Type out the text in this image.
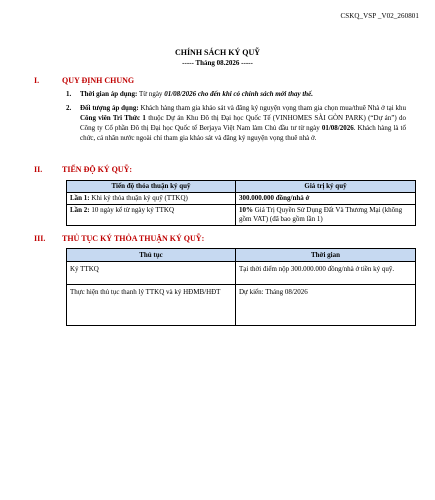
CSKQ_VSP _V02_260801
CHÍNH SÁCH KÝ QUỸ
----- Tháng 08.2026 -----
I.	QUY ĐỊNH CHUNG
1.	Thời gian áp dụng: Từ ngày 01/08/2026 cho đến khi có chính sách mới thay thế.
2.	Đối tượng áp dụng: Khách hàng tham gia khảo sát và đăng ký nguyện vọng tham gia chọn mua/thuê Nhà ở tại khu Công viên Tri Thức 1 thuộc Dự án Khu Đô thị Đại học Quốc Tế (VINHOMES SÀI GÒN PARK) (“Dự án”) do Công ty Cổ phần Đô thị Đại học Quốc tế Berjaya Việt Nam làm Chủ đầu tư từ ngày 01/08/2026. Khách hàng là tổ chức, cá nhân nước ngoài chỉ tham gia khảo sát và đăng ký nguyện vọng thuê nhà ở.
II.	TIẾN ĐỘ KÝ QUỸ:
Tiến độ thỏa thuận ký quỹ	Giá trị ký quỹ
Lần 1: Khi ký thỏa thuận ký quỹ (TTKQ)	300.000.000 đồng/nhà ở
Lần 2: 10 ngày kể từ ngày ký TTKQ	10% Giá Trị Quyền Sử Dụng Đất Và Thương Mại (không gồm VAT) (đã bao gồm lần 1)
III.	THỦ TỤC KÝ THỎA THUẬN KÝ QUỸ:
Thủ tục	Thời gian
Ký TTKQ	Tại thời điểm nộp 300.000.000 đồng/nhà ở tiền ký quỹ.
Thực hiện thủ tục thanh lý TTKQ và ký HĐMB/HĐT	Dự kiến: Tháng 08/2026
